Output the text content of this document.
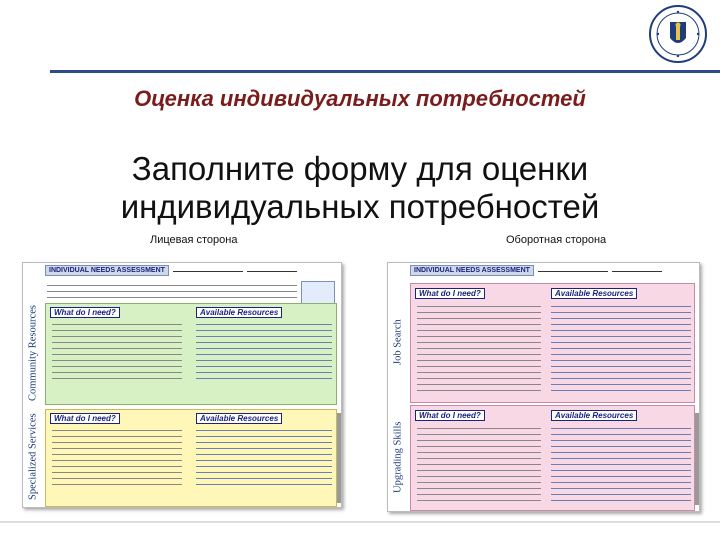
Оценка индивидуальных потребностей
Заполните форму для оценки индивидуальных потребностей
Лицевая сторона	Оборотная сторона
INDIVIDUAL NEEDS ASSESSMENT
Community Resources	What do I need?	Available Resources
Specialized Services	What do I need?	Available Resources
INDIVIDUAL NEEDS ASSESSMENT
Job Search
What do I need?	Available Resources
Upgrading Skills
What do I need?	Available Resources
